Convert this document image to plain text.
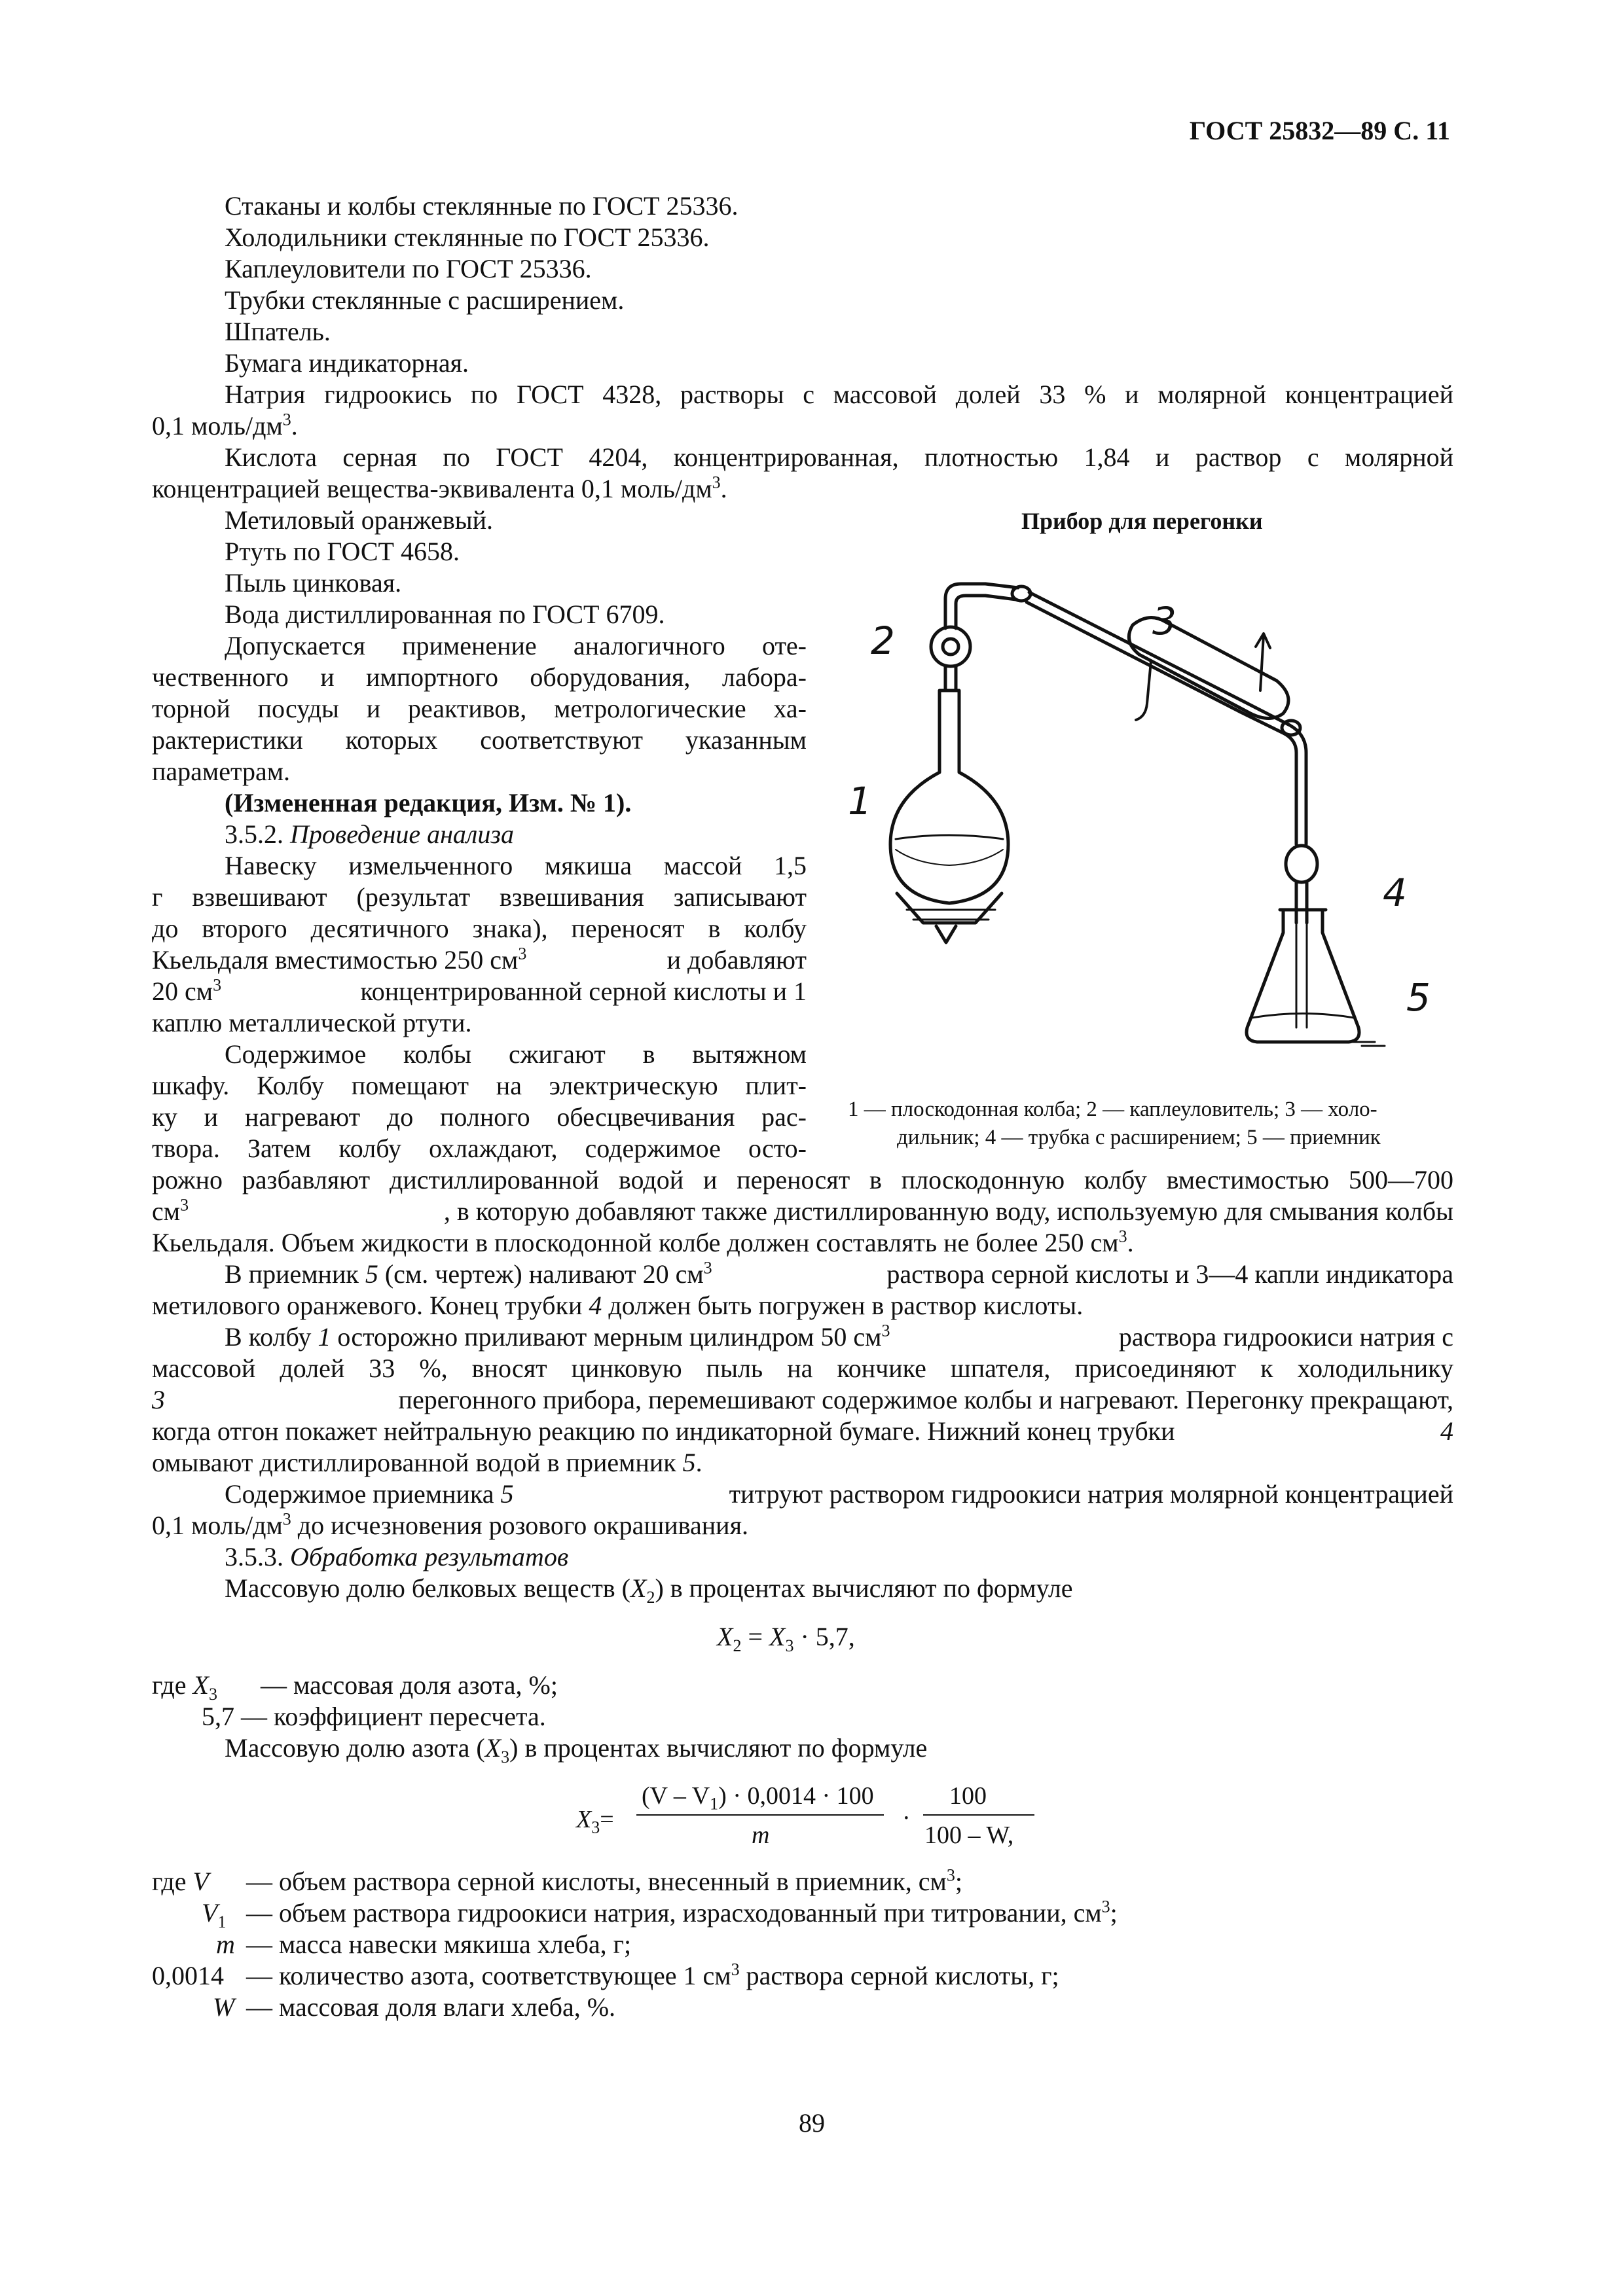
ГОСТ 25832—89 С. 11
Стаканы и колбы стеклянные по ГОСТ 25336.
Холодильники стеклянные по ГОСТ 25336.
Каплеуловители по ГОСТ 25336.
Трубки стеклянные с расширением.
Шпатель.
Бумага индикаторная.
Натрия гидроокись по ГОСТ 4328, растворы с массовой долей 33 % и молярной концентрацией
0,1 моль/$дм^3$.
Кислота серная по ГОСТ 4204, концентрированная, плотностью 1,84 и раствор с молярной
концентрацией вещества-эквивалента 0,1 моль/$дм^3$.
Метиловый оранжевый.
Ртуть по ГОСТ 4658.
Пыль цинковая.
Вода дистиллированная по ГОСТ 6709.
Допускается применение аналогичного оте-
чественного и импортного оборудования, лабора-
торной посуды и реактивов, метрологические ха-
рактеристики которых соответствуют указанным
параметрам.
(Измененная редакция, Изм. № 1).
3.5.2. Проведение анализа
Навеску измельченного мякиша массой 1,5
г взвешивают (результат взвешивания записывают
до второго десятичного знака), переносят в колбу
Кьельдаля вместимостью 250 $см^3$	и добавляют
20 $см^3$	концентрированной серной кислоты и 1
каплю металлической ртути.
Содержимое колбы сжигают в вытяжном
шкафу. Колбу помещают на электрическую плит-
ку и нагревают до полного обесцвечивания рас-
твора. Затем колбу охлаждают, содержимое осто-
Прибор для перегонки
1
2	3
4
5
1 — плоскодонная колба; 2 — каплеуловитель; 3 — холо-
дильник; 4 — трубка с расширением; 5 — приемник
рожно разбавляют дистиллированной водой и переносят в плоскодонную колбу вместимостью 500—700
$см^3$	, в которую добавляют также дистиллированную воду, используемую для смывания колбы
Кьельдаля. Объем жидкости в плоскодонной колбе должен составлять не более 250 $см^3$.
В приемник 5 (см. чертеж) наливают 20 $см^3$	раствора серной кислоты и 3—4 капли индикатора
метилового оранжевого. Конец трубки 4 должен быть погружен в раствор кислоты.
В колбу 1 осторожно приливают мерным цилиндром 50 $см^3$	раствора гидроокиси натрия с
массовой долей 33 %, вносят цинковую пыль на кончике шпателя, присоединяют к холодильнику
3	перегонного прибора, перемешивают содержимое колбы и нагревают. Перегонку прекращают,
когда отгон покажет нейтральную реакцию по индикаторной бумаге. Нижний конец трубки	4
омывают дистиллированной водой в приемник 5.
Содержимое приемника 5	титруют раствором гидроокиси натрия молярной концентрацией
0,1 моль/$дм^3$ до исчезновения розового окрашивания.
3.5.3. Обработка результатов
Массовую долю белковых веществ $(X_2)$ в процентах вычисляют по формуле
$X_2 = X_3 \cdot 5,7$,
где $X_3$ — массовая доля азота, %;
5,7 — коэффициент пересчета.
Массовую долю азота $(X_3)$ в процентах вычисляют по формуле
$X_3=$
$(V - V_1) \cdot 0,0014 \cdot 100$
m
·
100
100 – W,
где V — объем раствора серной кислоты, внесенный в приемник, $см^3$;
$V_1$ — объем раствора гидроокиси натрия, израсходованный при титровании, $см^3$;
m — масса навески мякиша хлеба, г;
0,0014 — количество азота, соответствующее 1 $см^3$ раствора серной кислоты, г;
W — массовая доля влаги хлеба, %.
89
